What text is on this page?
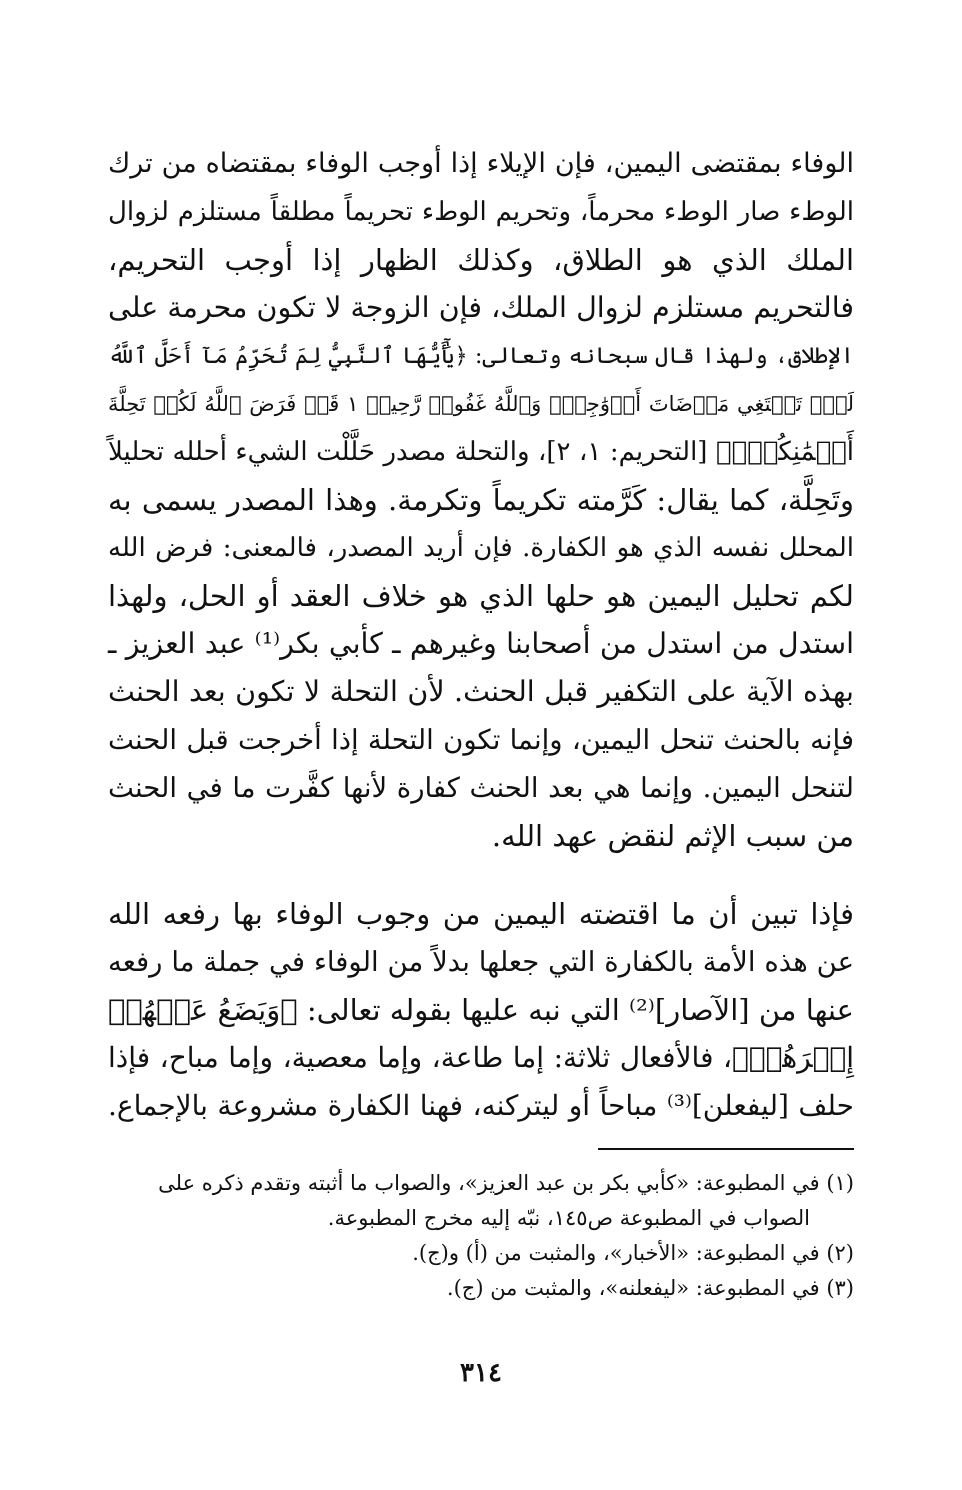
الوفاء بمقتضى اليمين، فإن الإيلاء إذا أوجب الوفاء بمقتضاه من ترك
الوطء صار الوطء محرماً، وتحريم الوطء تحريماً مطلقاً مستلزم لزوال
الملك الذي هو الطلاق، وكذلك الظهار إذا أوجب التحريم،
فالتحريم مستلزم لزوال الملك، فإن الزوجة لا تكون محرمة على
الإطلاق، ولهذا قال سبحانه وتعالى: ﴿يَٰٓأَيُّهَا ٱلنَّبِيُّ لِمَ تُحَرِّمُ مَآ أَحَلَّ ٱللَّهُ
لَكَۖ تَبۡتَغِي مَرۡضَاتَ أَزۡوَٰجِكَۚ وَٱللَّهُ غَفُورٞ رَّحِيمٞ ١ قَدۡ فَرَضَ ٱللَّهُ لَكُمۡ تَحِلَّةَ
أَيۡمَٰنِكُمۡۚ﴾ [التحريم: ١، ٢]، والتحلة مصدر حَلَّلْت الشيء أحلله تحليلاً
وتَحِلَّة، كما يقال: كَرَّمته تكريماً وتكرمة. وهذا المصدر يسمى به
المحلل نفسه الذي هو الكفارة. فإن أريد المصدر، فالمعنى: فرض الله
لكم تحليل اليمين هو حلها الذي هو خلاف العقد أو الحل، ولهذا
استدل من استدل من أصحابنا وغيرهم ـ كأبي بكر⁽¹⁾ عبد العزيز ـ
بهذه الآية على التكفير قبل الحنث. لأن التحلة لا تكون بعد الحنث
فإنه بالحنث تنحل اليمين، وإنما تكون التحلة إذا أخرجت قبل الحنث
لتنحل اليمين. وإنما هي بعد الحنث كفارة لأنها كفَّرت ما في الحنث
من سبب الإثم لنقض عهد الله.
فإذا تبين أن ما اقتضته اليمين من وجوب الوفاء بها رفعه الله
عن هذه الأمة بالكفارة التي جعلها بدلاً من الوفاء في جملة ما رفعه
عنها من [الآصار]⁽²⁾ التي نبه عليها بقوله تعالى: ﴿وَيَضَعُ عَنۡهُمۡ
إِصۡرَهُمۡ﴾، فالأفعال ثلاثة: إما طاعة، وإما معصية، وإما مباح، فإذا
حلف [ليفعلن]⁽³⁾ مباحاً أو ليتركنه، فهنا الكفارة مشروعة بالإجماع.
(١) في المطبوعة: «كأبي بكر بن عبد العزيز»، والصواب ما أثبته وتقدم ذكره على
الصواب في المطبوعة ص١٤٥، نبّه إليه مخرج المطبوعة.
(٢) في المطبوعة: «الأخبار»، والمثبت من (أ) و(ج).
(٣) في المطبوعة: «ليفعلنه»، والمثبت من (ج).
٣١٤
